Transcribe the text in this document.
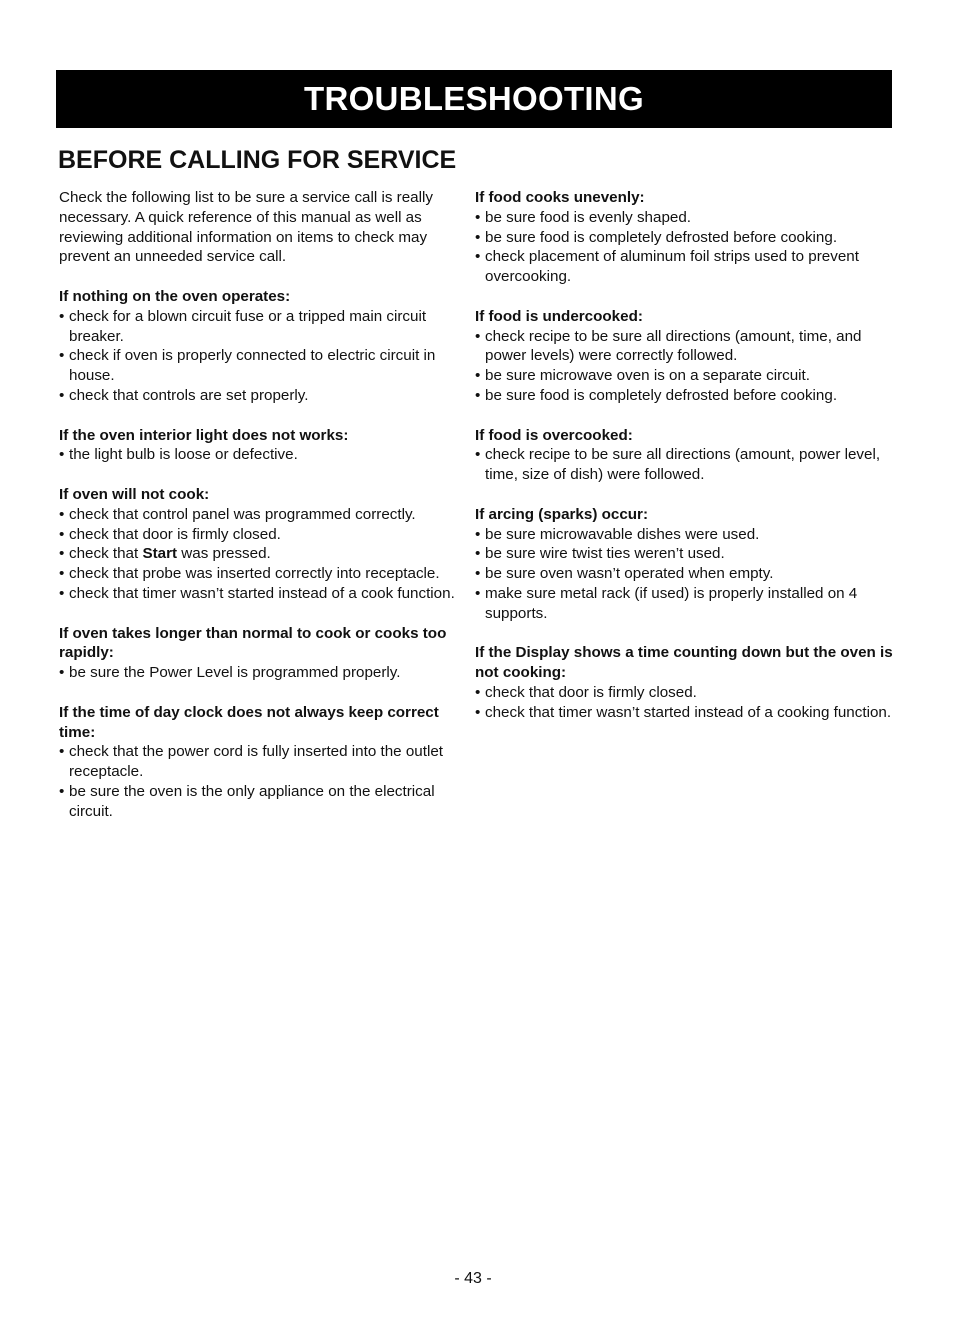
TROUBLESHOOTING
BEFORE CALLING FOR SERVICE

Check the following list to be sure a service call is really necessary. A quick reference of this manual as well as reviewing additional information on items to check may prevent an unneeded service call.

If nothing on the oven operates:

• check for a blown circuit fuse or a tripped main circuit breaker.
• check if oven is properly connected to electric circuit in house.
• check that controls are set properly.

If the oven interior light does not works:

• the light bulb is loose or defective.

If oven will not cook:

• check that control panel was programmed correctly.
• check that door is firmly closed.
• check that Start was pressed.
• check that probe was inserted correctly into receptacle.
• check that timer wasn’t started instead of a cook function.

If oven takes longer than normal to cook or cooks too rapidly:

• be sure the Power Level is programmed properly.

If the time of day clock does not always keep correct time:

• check that the power cord is fully inserted into the outlet receptacle.
• be sure the oven is the only appliance on the electrical circuit.

If food cooks unevenly:

• be sure food is evenly shaped.
• be sure food is completely defrosted before cooking.
• check placement of aluminum foil strips used to prevent overcooking.

If food is undercooked:

• check recipe to be sure all directions (amount, time, and power levels) were correctly followed.
• be sure microwave oven is on a separate circuit.
• be sure food is completely defrosted before cooking.

If food is overcooked:

• check recipe to be sure all directions (amount, power level, time, size of dish) were followed.

If arcing (sparks) occur:

• be sure microwavable dishes were used.
• be sure wire twist ties weren’t used.
• be sure oven wasn’t operated when empty.
• make sure metal rack (if used) is properly installed on 4 supports.

If the Display shows a time counting down but the oven is not cooking:

• check that door is firmly closed.
• check that timer wasn’t started instead of a cooking function.
- 43 -
